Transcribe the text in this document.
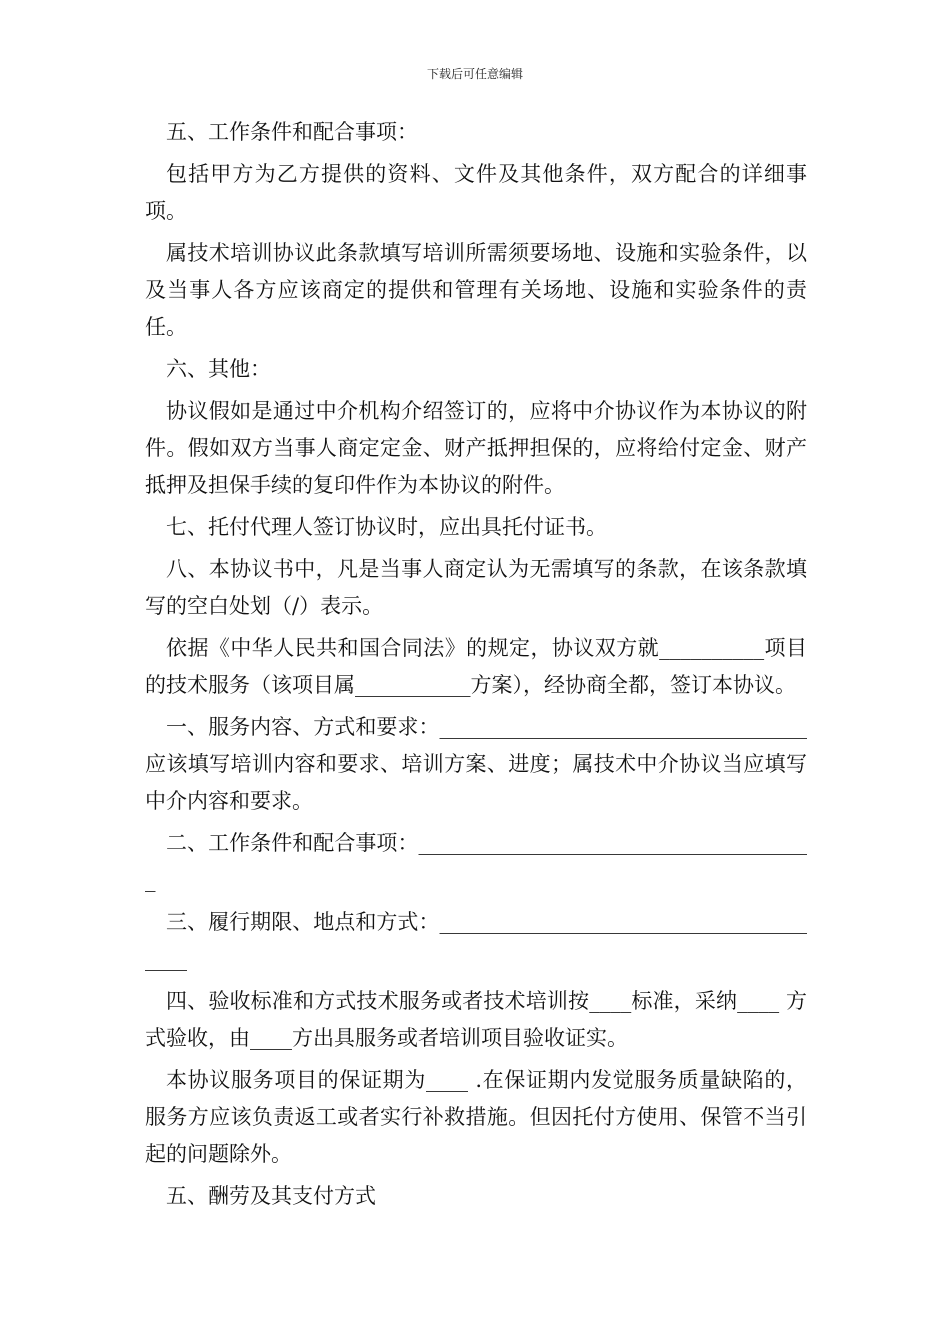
下载后可任意编辑

五、工作条件和配合事项：

包括甲方为乙方提供的资料、文件及其他条件，双方配合的详细事项。

属技术培训协议此条款填写培训所需须要场地、设施和实验条件，以及当事人各方应该商定的提供和管理有关场地、设施和实验条件的责任。

六、其他：

协议假如是通过中介机构介绍签订的，应将中介协议作为本协议的附件。假如双方当事人商定定金、财产抵押担保的，应将给付定金、财产抵押及担保手续的复印件作为本协议的附件。

七、托付代理人签订协议时，应出具托付证书。

八、本协议书中，凡是当事人商定认为无需填写的条款，在该条款填写的空白处划（/）表示。

依据《中华人民共和国合同法》的规定，协议双方就__________项目的技术服务（该项目属___________方案），经协商全都，签订本协议。

一、服务内容、方式和要求：___________________________________应该填写培训内容和要求、培训方案、进度；属技术中介协议当应填写中介内容和要求。

二、工作条件和配合事项：______________________________________

三、履行期限、地点和方式：_______________________________________

四、验收标准和方式技术服务或者技术培训按____标准，采纳____ 方式验收，由____方出具服务或者培训项目验收证实。

本协议服务项目的保证期为____ .在保证期内发觉服务质量缺陷的，服务方应该负责返工或者实行补救措施。但因托付方使用、保管不当引起的问题除外。

五、酬劳及其支付方式
